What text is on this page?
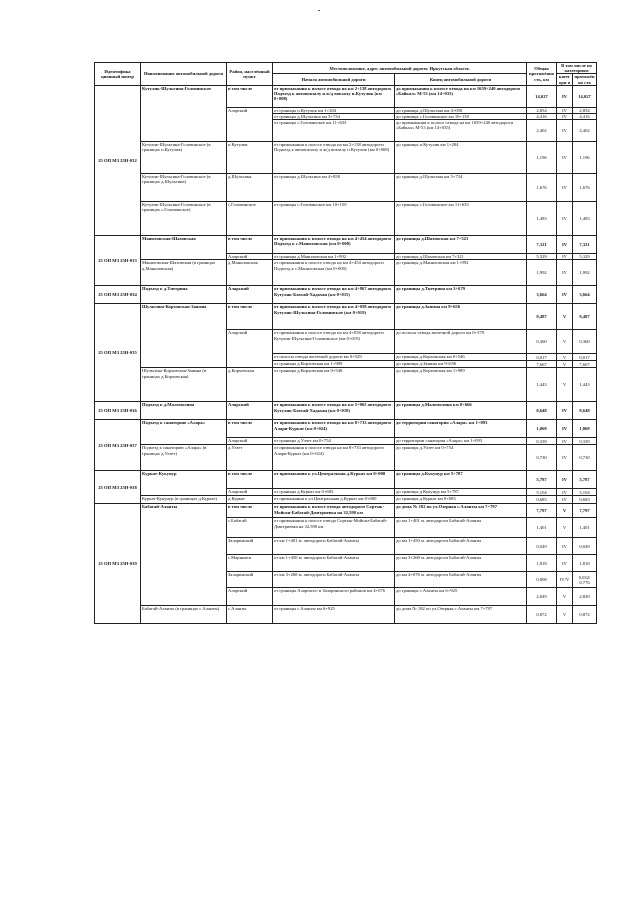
Идентифика ционный номер	Наименование автомобильной дороги	Район, населённый пункт	Местоположение, адрес автомобильной дороги: Иркутская область		Общая протяжённо сть, км	В том числе по категориям	
						категори я	протяжённо сть
			Начало автомобильной дороги	Конец автомобильной дороги			
25 ОП МЗ 25Н-032	Кутулик-Шульгина-Головинское	в том числе	от примыкания к полосе отвода на км 2+138 автодороги Подъезд к автовокзалу и ж/д вокзалу п.Кутулик (км 0+008)	до примыкания к полосе отвода на км 1659+240 автодороги «Байкал» М-53 (км 14+035)	14,027	IV	14,027
		Аларский	от границы п.Кутулик км 1+204	до границы д.Шульгина км 4+058	2,854	IV	2,854
			от границы д.Шульгина км 5+734	до границы с.Головинское км 10+150	4,416	IV	4,416
			от границы с.Головинское км 11+633	до примыкания к полосе отвода на км 1659+240 автодороги «Байкал» М-53 (км 14+035)	2,402	IV	2,402
	Кутулик-Шульгина-Головинское (в границах п.Кутулик)	п.Кутулик	от примыкания к полосе отвода на км 2+138 автодороги Подъезд к автовокзалу и ж/д вокзалу п.Кутулик (км 0+008)	до границы п.Кутулик км 1+204	1,196	IV	1,196
	Кутулик-Шульгина-Головинское (в границах д.Шульгина)	д.Шульгина	от границы д.Шульгина км 4+058	до границы д.Шульгина км 5+734	1,676	IV	1,676
	Кутулик-Шульгина-Головинское (в границах с.Головинское)	с.Головинское	от границы с.Головинское км 10+150	до границы с.Головинское км 11+633	1,483	IV	1,483
25 ОП МЗ 25Н-033	Маниловская-Шаховская	в том числе	от примыкания к полосе отвода на км 4+454 автодороги Подъезд к с.Маниловская (км 0+000)	до границы д.Шаховская км 7+321	7,321	IV	7,321
		Аларский	от границы д.Маниловская км 1+992	до границы д.Шаховская км 7+321	5,329	IV	5,329
	Маниловская-Шаховская (в границах д.Маниловская)	д.Маниловская	от примыкания к полосе отвода на км 4+454 автодороги Подъезд к с.Маниловская (км 0+000)	до границы д.Маниловская км 1+992	1,992	IV	1,992
25 ОП МЗ 25Н-034	Подъезд к д.Тнетрина	Аларский	от примыкания к полосе отвода на км 4+867 автодороги Кутулик-Бахтай-Хадахан (км 0+015)	до границы д.Тнетрина км 3+679	3,664	IV	3,664
25 ОП МЗ 25Н-035	Шульгина-Корховская-Заямна	в том числе	от примыкания к полосе отвода на км 4+058 автодороги Кутулик-Шульгина-Головинское (км 0+019)	до границы д.Заямна км 9+656	9,487	V	9,487
		Аларский	от примыкания к полосе отвода на км 4+058 автодороги Кутулик-Шульгина-Головинское (км 0+019)	до полосы отвода железной дороги км 0+379	0,360	V	0,360
			от полосы отвода железной дороги км 0+529	до границы д.Корховская км 0+546	0,017	V	0,017
			от границы д.Корховская км 1+989	до границы д.Заямна км 9+656	7,667	V	7,667
	Шульгина-Корховская-Заямна (в границах д.Корховская)	д.Корховская	от границы д.Корховская км 0+546	до границы д.Корховская км 1+989	1,443	V	1,443
25 ОП МЗ 25Н-036	Подъезд к д.Маломолина	Аларский	от примыкания к полосе отвода на км 5+065 автодороги Кутулик-Бахтай-Хадахан (км 0+018)	до границы д.Маломолина км 0+666	0,648	IV	0,648
25 ОП МЗ 25Н-037	Подъезд к санаторию «Алара»	в том числе	от примыкания к полосе отвода на км 8+733 автодороги Алари-Куркат (км 0+024)	до территории санатория «Алара» км 1+093	1,069	IV	1,069
		Аларский	от границы д.Улзет км 0+754	до территории санатория «Алара» км 1+093	0,339	IV	0,339
	Подъезд к санаторию «Алара» (в границах д.Улзет)	д.Улзет	от примыкания к полосе отвода на км 8+733 автодороги Алари-Куркат (км 0+024)	до границы д.Улзет км 0+754	0,730	IV	0,730
25 ОП МЗ 25Н-038	Куркат-Кукунур	в том числе	от примыкания к ул.Центральная д.Куркат км 0+000	до границы д.Кукунур км 5+787	5,787	IV	5,787
		Аларский	от границы д.Куркат км 0+683	до границы д.Кукунур км 5+787	5,104	IV	5,104
	Куркат-Кукунур (в границах д.Куркат)	д.Куркат	от примыкания к ул.Центральная д.Куркат км 0+000	до границы д.Куркат км 0+683	0,683	IV	0,683
25 ОП МЗ 25Н-039	Бабагай-Аланты	в том числе	от примыкания к полосе отвода автодороги Сортык-Мойган-Бабагай-Дмитриевка на 32,590 км	до дома № 182 по ул.Озерная с.Аланты км 7+797	7,797	V	7,797
		с.Бабагай	от примыкания к полосе отвода Сортык-Мойган-Бабагай-Дмитриевка на 32,590 км	до км 1+401 м. автодороги Бабагай-Аланты	1,401	V	1,401
		Заларинский	от км 1+401 м. автодороги Бабагай-Аланты	до км 1+450 м. автодороги Бабагай-Аланты	0,049	IV	0,049
		с.Марнииск	от км 1+450 м. автодороги Бабагай-Аланты	до км 3+268 м. автодороги Бабагай-Аланты	1,818	IV	1,818
		Заларинский	от км 3+268 м. автодороги Бабагай-Аланты	до км 4+076 м. автодороги Бабагай-Аланты	0,808	IV/V	0,032/ 0,776
		Аларский	от границы Аларского и Заларинского районов км 4+076	до границы с.Аланты км 6+925	2,849	V	2,849
	Бабагай-Аланты (в границах с.Аланты)	с.Аланты	от границы с.Аланты км 6+925	до дома № 182 по ул.Озерная с.Аланты км 7+797	0,872	V	0,872
